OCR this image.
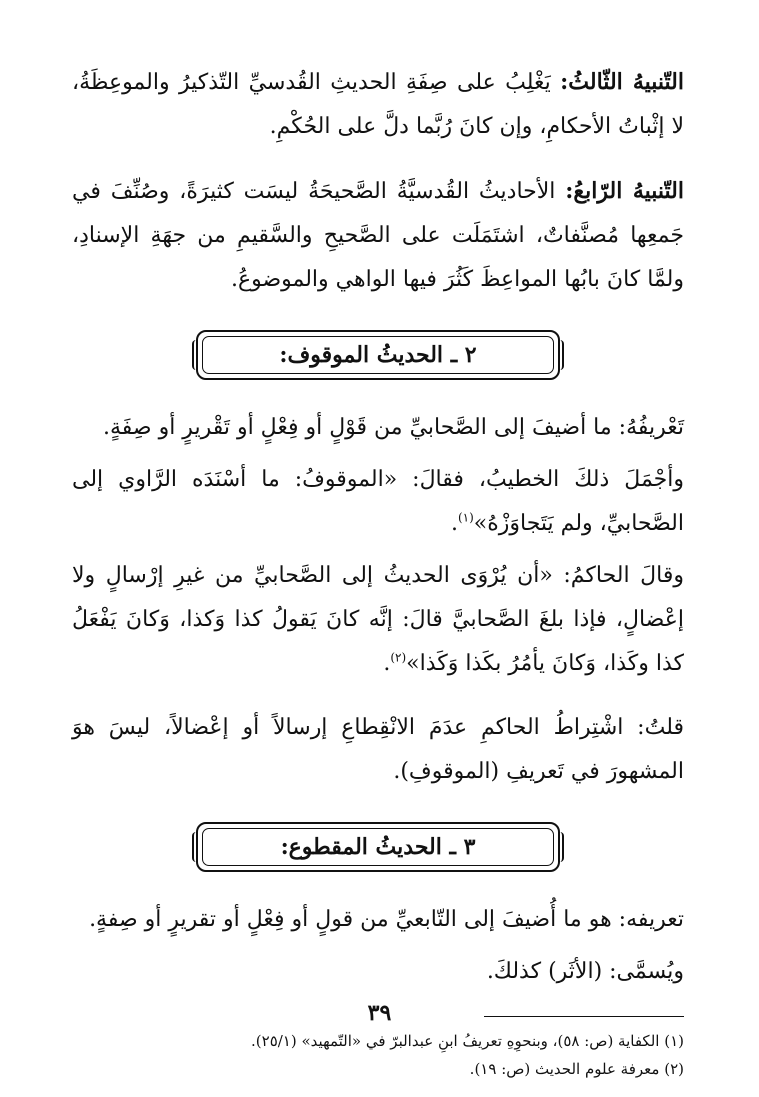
التّنبيهُ الثّالثُ: يَغْلِبُ على صِفَةِ الحديثِ القُدسيِّ التّذكيرُ والموعِظَةُ، لا إثْباتُ الأحكامِ، وإن كانَ رُبَّما دلَّ على الحُكْمِ.

التّنبيهُ الرّابعُ: الأحاديثُ القُدسيَّةُ الصَّحيحَةُ ليسَت كثيرَةً، وصُنِّفَ في جَمعِها مُصنَّفاتٌ، اشتَمَلَت على الصَّحيحِ والسَّقيمِ من جهَةِ الإسنادِ، ولمَّا كانَ بابُها المواعِظَ كَثُرَ فيها الواهي والموضوعُ.

٢ ـ الحديثُ الموقوف:

تَعْريفُهُ: ما أضيفَ إلى الصَّحابيِّ من قَوْلٍ أو فِعْلٍ أو تَقْريرٍ أو صِفَةٍ.

وأجْمَلَ ذلكَ الخطيبُ، فقالَ: «الموقوفُ: ما أسْنَدَه الرَّاوي إلى الصَّحابيِّ، ولم يَتَجاوَزْهُ»$^{(١)}$.

وقالَ الحاكمُ: «أن يُرْوَى الحديثُ إلى الصَّحابيِّ من غيرِ إرْسالٍ ولا إعْضالٍ، فإذا بلغَ الصَّحابيَّ قالَ: إنَّه كانَ يَقولُ كذا وَكذا، وَكانَ يَفْعَلُ كذا وكَذا، وَكانَ يأمُرُ بكَذا وَكَذا»$^{(٢)}$.

قلتُ: اشْتِراطُ الحاكمِ عدَمَ الانْقِطاعِ إرسالاً أو إعْضالاً، ليسَ هوَ المشهورَ في تَعريفِ (الموقوفِ).

٣ ـ الحديثُ المقطوع:

تعريفه: هو ما أُضيفَ إلى التّابعيِّ من قولٍ أو فِعْلٍ أو تقريرٍ أو صِفةٍ.

ويُسمَّى: (الأثَر) كذلكَ.

(١) الكفاية (ص: ٥٨)، وبنحوِهِ تعريفُ ابنِ عبدالبرّ في «التّمهيد» (٢٥/١).

(٢) معرفة علوم الحديث (ص: ١٩).

٣٩
